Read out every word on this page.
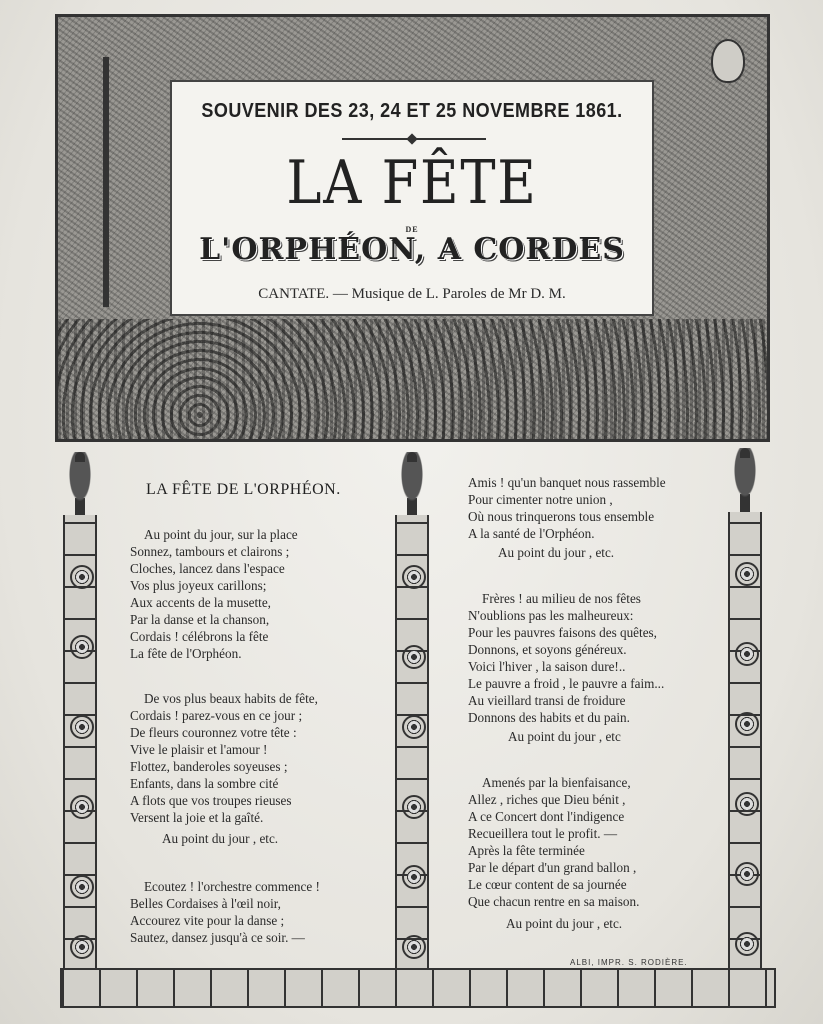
SOUVENIR DES 23, 24 ET 25 NOVEMBRE 1861.
LA FÊTE
DE
L'ORPHÉON, A CORDES
CANTATE. — Musique de L. Paroles de Mr D. M.
LA FÊTE DE L'ORPHÉON.
Au point du jour, sur la place
Sonnez, tambours et clairons ;
Cloches, lancez dans l'espace
Vos plus joyeux carillons;
Aux accents de la musette,
Par la danse et la chanson,
Cordais ! célébrons la fête
La fête de l'Orphéon.
De vos plus beaux habits de fête,
Cordais ! parez-vous en ce jour ;
De fleurs couronnez votre tête :
Vive le plaisir et l'amour !
Flottez, banderoles soyeuses ;
Enfants, dans la sombre cité
A flots que vos troupes rieuses
Versent la joie et la gaîté.
Au point du jour , etc.
Ecoutez ! l'orchestre commence !
Belles Cordaises à l'œil noir,
Accourez vite pour la danse ;
Sautez, dansez jusqu'à ce soir. —
Amis ! qu'un banquet nous rassemble
Pour cimenter notre union ,
Où nous trinquerons tous ensemble
A la santé de l'Orphéon.
Au point du jour , etc.
Frères ! au milieu de nos fêtes
N'oublions pas les malheureux:
Pour les pauvres faisons des quêtes,
Donnons, et soyons généreux.
Voici l'hiver , la saison dure!..
Le pauvre a froid , le pauvre a faim...
Au vieillard transi de froidure
Donnons des habits et du pain.
Au point du jour , etc
Amenés par la bienfaisance,
Allez , riches que Dieu bénit ,
A ce Concert dont l'indigence
Recueillera tout le profit. —
Après la fête terminée
Par le départ d'un grand ballon ,
Le cœur content de sa journée
Que chacun rentre en sa maison.
Au point du jour , etc.
ALBI, IMPR. S. RODIÈRE.
